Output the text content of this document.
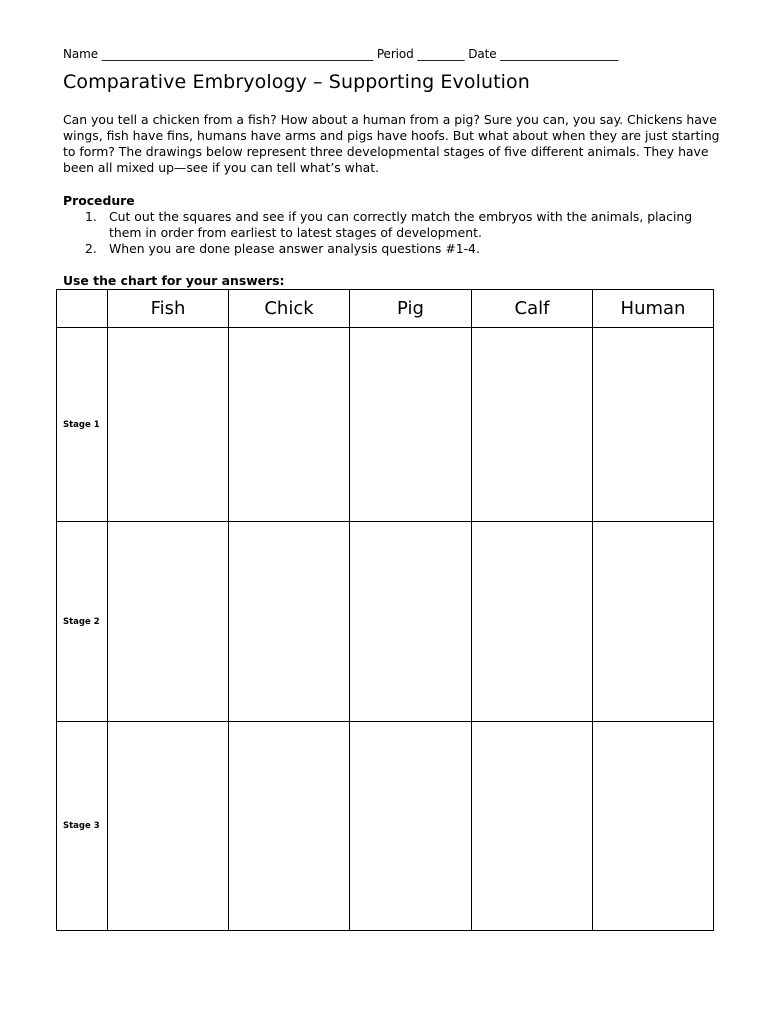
Name ______________________________________________ Period ________ Date ____________________
Comparative Embryology – Supporting Evolution

Can you tell a chicken from a fish? How about a human from a pig? Sure you can, you say. Chickens have wings, fish have fins, humans have arms and pigs have hoofs. But what about when they are just starting to form? The drawings below represent three developmental stages of five different animals. They have been all mixed up—see if you can tell what’s what.

Procedure

1. Cut out the squares and see if you can correctly match the embryos with the animals, placing them in order from earliest to latest stages of development.
2. When you are done please answer analysis questions #1-4.

Use the chart for your answers:

	Fish	Chick	Pig	Calf	Human
Stage 1					
Stage 2					
Stage 3					
